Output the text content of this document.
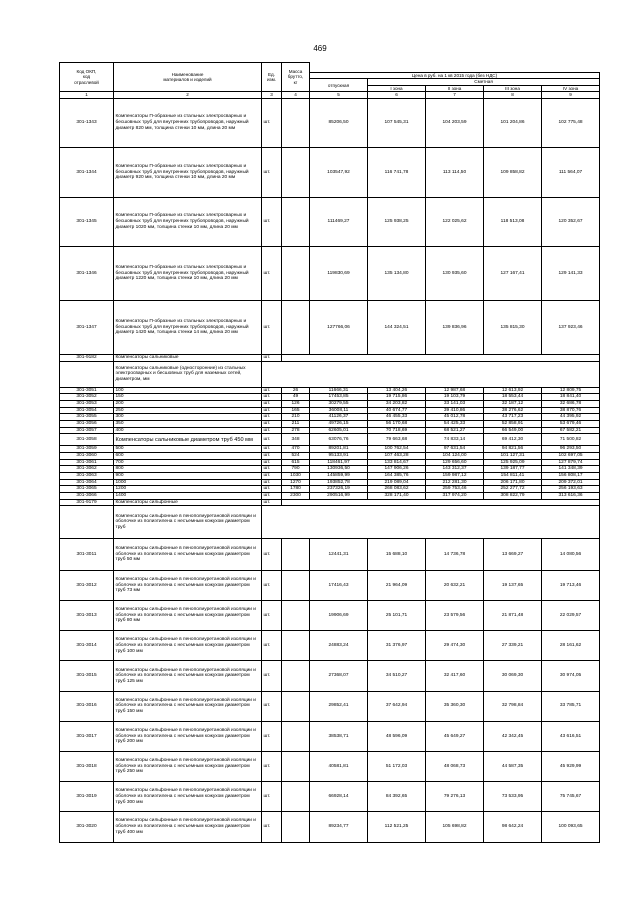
469
Код ОКП,
код
отраслевой	Наименование
материалов и изделий	Ед.
изм.	Масса
брутто,
кг					
				Цена в руб. на 1 кв 2015 года (без НДС)				
				отпускная	Сметная			
					I зона	II зона	III зона	IV зона
1	2	3	4	5	6	7	8	9
301-1343	Компенсаторы П-образные из стальных электросварных и бесшовных труб для внутренних трубопроводов, наружный диаметр 820 мм, толщина стенки 10 мм, длина 20 мм	шт.		85206,50	107 545,31	104 203,59	101 204,86	102 775,48
301-1344	Компенсаторы П-образные из стальных электросварных и бесшовных труб для внутренних трубопроводов, наружный диаметр 920 мм, толщина стенки 10 мм, длина 20 мм	шт.		103547,92	116 741,78	113 114,50	109 858,82	111 564,07
301-1345	Компенсаторы П-образные из стальных электросварных и бесшовных труб для внутренних трубопроводов, наружный диаметр 1020 мм, толщина стенки 10 мм, длина 20 мм	шт.		111469,27	125 938,25	122 025,62	118 513,08	120 352,67
301-1346	Компенсаторы П-образные из стальных электросварных и бесшовных труб для внутренних трубопроводов, наружный диаметр 1220 мм, толщина стенки 10 мм, длина 20 мм	шт.		119830,69	135 134,80	130 935,60	127 167,41	129 141,33
301-1347	Компенсаторы П-образные из стальных электросварных и бесшовных труб для внутренних трубопроводов, наружный диаметр 1420 мм, толщина стенки 14 мм, длина 20 мм	шт.		127766,06	144 324,51	139 836,96	135 815,30	137 923,46
301-9182	Компенсаторы сальниковые	шт.						
	Компенсаторы сальниковые (односторонние) из стальных электросварных и бесшовных труб для наземных сетей, диаметром, мм							
301-3051	100	шт.	26	11666,31	13 404,26	12 987,68	12 613,92	12 809,75
301-3052	150	шт.	49	17453,85	19 715,86	19 103,79	18 553,44	18 841,40
301-3053	200	шт.	126	30279,55	34 203,82	33 141,03	32 187,12	32 686,78
301-3054	250	шт.	165	36008,11	40 674,77	39 410,86	38 276,62	38 870,76
301-3055	300	шт.	210	41126,37	46 455,33	45 012,78	43 717,23	44 395,92
301-3056	350	шт.	211	49726,15	56 170,68	54 425,33	52 858,91	53 679,46
301-3057	400	шт.	278	62605,01	70 718,69	68 521,27	66 549,00	67 582,21
301-3058	Компенсаторы сальниковые диаметром труб 450 мм	шт.	348	63076,76	79 663,68	74 833,14	69 412,30	71 500,82
301-3059	500	шт.	470	89201,81	100 762,54	97 631,54	94 821,56	96 293,50
301-3060	600	шт.	524	95133,91	107 463,28	104 124,00	101 127,31	102 697,05
301-3061	700	шт.	615	118461,97	133 814,67	129 656,60	125 925,09	127 879,74
301-3062	800	шт.	790	130936,50	147 906,26	143 312,37	139 187,77	141 348,39
301-3063	900	шт.	1030	145859,99	164 385,76	159 987,12	154 811,41	156 808,17
301-3064	1000	шт.	1270	193852,78	219 089,04	212 281,30	206 171,80	209 372,01
301-3065	1200	шт.	1780	237326,19	268 083,62	259 753,46	252 277,72	256 193,63
301-3066	1400	шт.	2300	290516,99	328 171,40	317 974,20	308 822,79	313 616,36
301-9179	Компенсаторы сильфонные	шт.						
	Компенсаторы сильфонные в пенополиуретановой изоляции и оболочке из полиэтилена с несъемным кожухом диаметром труб							
301-3011	Компенсаторы сильфонные в пенополиуретановой изоляции и оболочке из полиэтилена с несъемным кожухом диаметром труб 50 мм	шт.		12441,31	15 688,10	14 736,78	13 669,27	14 080,56
301-3012	Компенсаторы сильфонные в пенополиуретановой изоляции и оболочке из полиэтилена с несъемным кожухом диаметром труб 73 мм	шт.		17416,43	21 964,09	20 632,21	19 137,65	19 713,46
301-3013	Компенсаторы сильфонные в пенополиуретановой изоляции и оболочке из полиэтилена с несъемным кожухом диаметром труб 80 мм	шт.		19906,69	25 101,71	23 579,56	21 871,48	22 029,57
301-3014	Компенсаторы сильфонные в пенополиуретановой изоляции и оболочке из полиэтилена с несъемным кожухом диаметром труб 100 мм	шт.		24883,24	31 376,97	29 474,30	27 339,21	28 161,62
301-3015	Компенсаторы сильфонные в пенополиуретановой изоляции и оболочке из полиэтилена с несъемным кожухом диаметром труб 125 мм	шт.		27368,07	34 510,27	32 417,60	30 069,30	30 974,05
301-3016	Компенсаторы сильфонные в пенополиуретановой изоляции и оболочке из полиэтилена с несъемным кожухом диаметром труб 150 мм	шт.		29852,41	37 642,94	35 360,30	32 798,84	33 785,71
301-3017	Компенсаторы сильфонные в пенополиуретановой изоляции и оболочке из полиэтилена с несъемным кожухом диаметром труб 200 мм	шт.		38538,71	48 596,09	45 649,27	42 342,45	43 616,51
301-3018	Компенсаторы сильфонные в пенополиуретановой изоляции и оболочке из полиэтилена с несъемным кожухом диаметром труб 250 мм	шт.		40581,81	51 172,03	48 068,73	44 587,35	45 929,99
301-3019	Компенсаторы сильфонные в пенополиуретановой изоляции и оболочке из полиэтилена с несъемным кожухом диаметром труб 300 мм	шт.		66928,14	84 392,65	79 276,13	73 533,95	75 745,67
301-3020	Компенсаторы сильфонные в пенополиуретановой изоляции и оболочке из полиэтилена с несъемным кожухом диаметром труб 400 мм	шт.		89234,77	112 521,25	105 698,82	98 642,24	100 093,65
